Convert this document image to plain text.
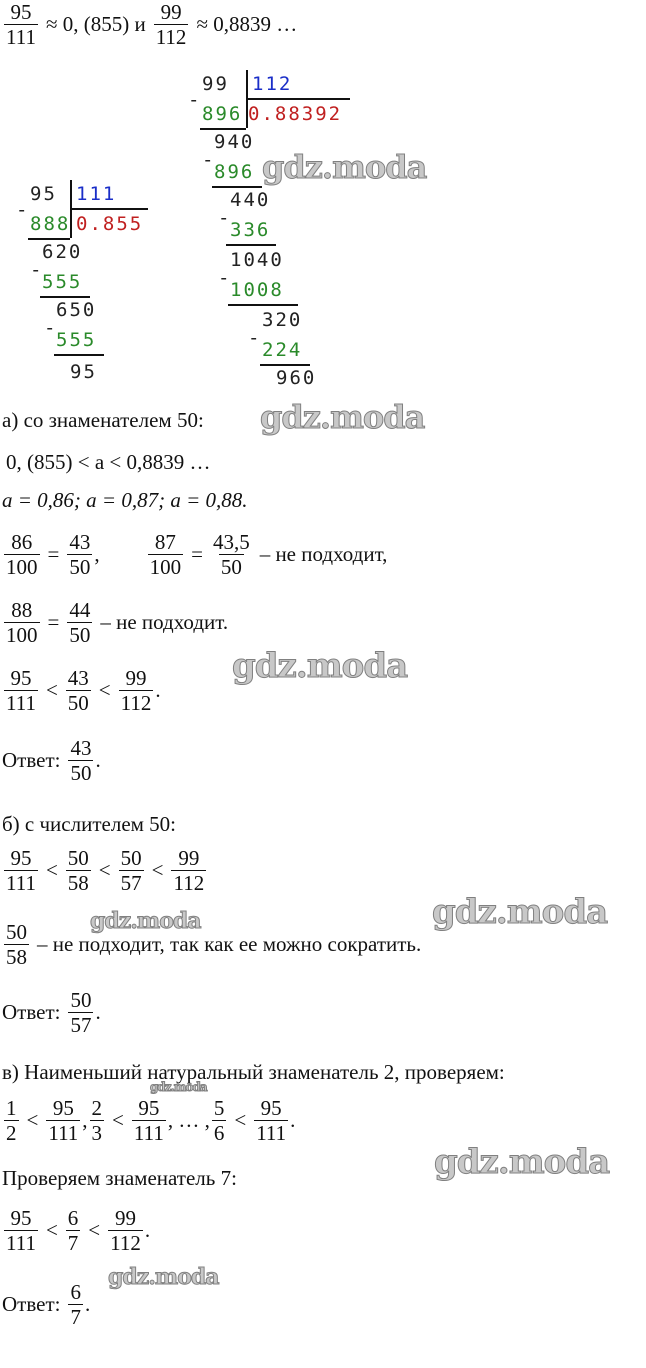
$\frac{95}{111} \approx 0$, (855) и $\frac{99}{112} \approx 0,8839$ …
95 111
-
888 0.855
620
-
555
650
-
555
95
99 112
-
896 0.88392
940
-
896
440
-
336
1040
-
1008
320
-
224
960
а) со знаменателем 50:
0, (855) < a < 0,8839 …
a = 0,86; a = 0,87; a = 0,88.
$\frac{86}{100} = \frac{43}{50}$ , $\frac{87}{100} = \frac{43,5}{50}$ – не подходит,
$\frac{88}{100} = \frac{44}{50}$ – не подходит.
$\frac{95}{111} < \frac{43}{50} < \frac{99}{112}$ .
Ответ: $\frac{43}{50}$ .
б) с числителем 50:
$\frac{95}{111} < \frac{50}{58} < \frac{50}{57} < \frac{99}{112}$
$\frac{50}{58}$ – не подходит, так как ее можно сократить.
Ответ: $\frac{50}{57}$ .
в) Наименьший натуральный знаменатель 2, проверяем:
$\frac{1}{2} < \frac{95}{111}$ , $\frac{2}{3} < \frac{95}{111}$ , … , $\frac{5}{6} < \frac{95}{111}$ .
Проверяем знаменатель 7:
$\frac{95}{111} < \frac{6}{7} < \frac{99}{112}$ .
Ответ: $\frac{6}{7}$ .
gdz.moda
gdz.moda
gdz.moda
gdz.moda	gdz.moda
gdz.moda
gdz.moda
gdz.moda
